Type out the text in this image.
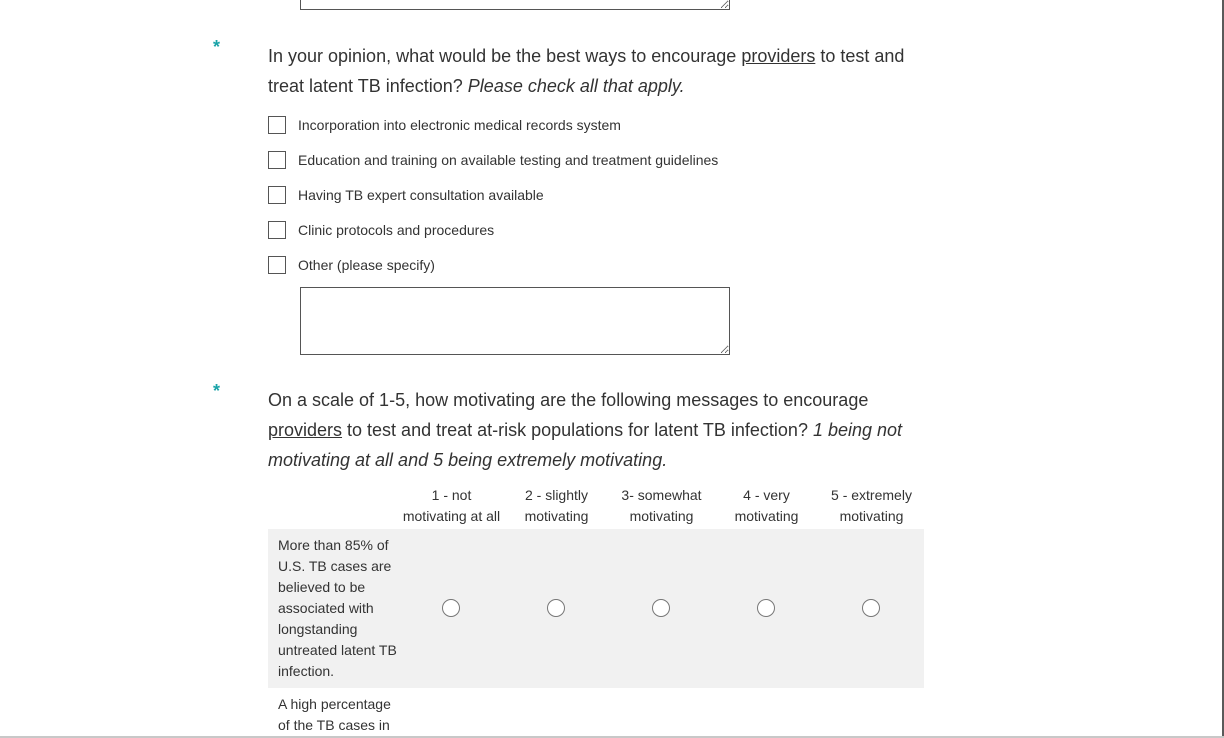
*	In your opinion, what would be the best ways to encourage providers to test and treat latent TB infection? Please check all that apply.
Incorporation into electronic medical records system
Education and training on available testing and treatment guidelines
Having TB expert consultation available
Clinic protocols and procedures
Other (please specify)
*	On a scale of 1-5, how motivating are the following messages to encourage providers to test and treat at-risk populations for latent TB infection? 1 being not motivating at all and 5 being extremely motivating.
1 - not motivating at all
2 - slightly motivating
3- somewhat motivating
4 - very motivating
5 - extremely motivating
More than 85% of U.S. TB cases are believed to be associated with longstanding untreated latent TB infection.
A high percentage of the TB cases in
